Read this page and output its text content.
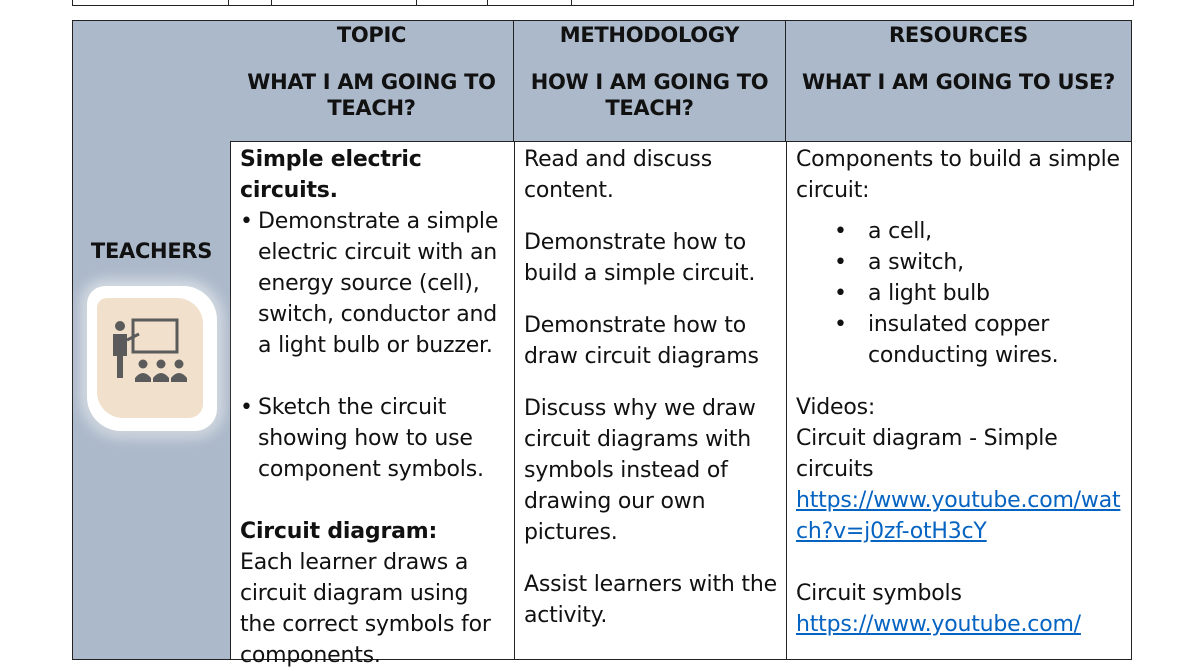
TEACHERS
TOPIC
WHAT I AM GOING TO TEACH?
METHODOLOGY
HOW I AM GOING TO TEACH?
RESOURCES
WHAT I AM GOING TO USE?

Simple electric circuits.

• Demonstrate a simple electric circuit with an energy source (cell), switch, conductor and a light bulb or buzzer.
• Sketch the circuit showing how to use component symbols.

Circuit diagram:

Each learner draws a circuit diagram using the correct symbols for components.

Read and discuss content.

Demonstrate how to build a simple circuit.

Demonstrate how to draw circuit diagrams

Discuss why we draw circuit diagrams with symbols instead of drawing our own pictures.

Assist learners with the activity.

Components to build a simple circuit:

• a cell,
• a switch,
• a light bulb
• insulated copper conducting wires.

Videos:

Circuit diagram - Simple circuits

https://www.youtube.com/watch?v=j0zf-otH3cY

Circuit symbols

https://www.youtube.com/
